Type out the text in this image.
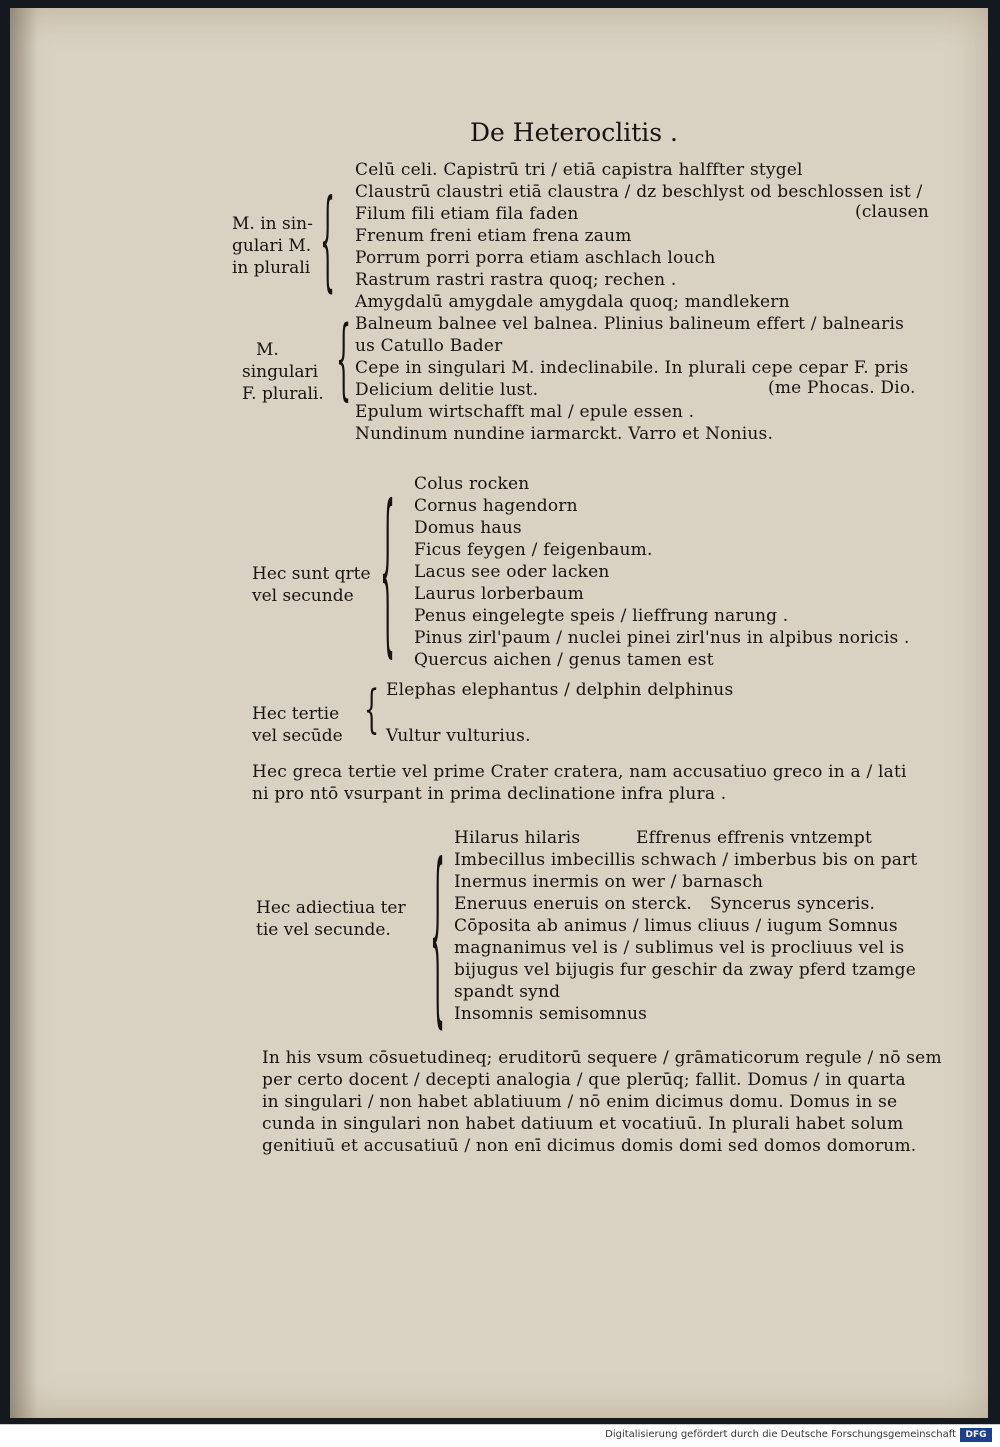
De Heteroclitis .
M. in sin-
gulari M.
in plurali {
Celū celi. Capistrū tri / etiā capistra halffter stygel
Claustrū claustri etiā claustra / dz beschlyst od beschlossen ist /
Filum fili etiam fila faden	(clausen
Frenum freni etiam frena zaum
Porrum porri porra etiam aschlach louch
Rastrum rastri rastra quoq; rechen .
Amygdalū amygdale amygdala quoq; mandlekern
M.
singulari
F. plurali. { Balneum balnee vel balnea. Plinius balineum effert / balnearis
us Catullo Bader
Cepe in singulari M. indeclinabile. In plurali cepe cepar F. pris
Delicium delitie lust.	(me Phocas. Dio.
Epulum wirtschafft mal / epule essen .
Nundinum nundine iarmarckt. Varro et Nonius.
Hec sunt qrte
vel secunde { Colus rocken
Cornus hagendorn
Domus haus
Ficus feygen / feigenbaum.
Lacus see oder lacken
Laurus lorberbaum
Penus eingelegte speis / lieffrung narung .
Pinus zirl'paum / nuclei pinei zirl'nus in alpibus noricis .
Quercus aichen / genus tamen est
Hec tertie
vel secūde { Elephas elephantus / delphin delphinus
Vultur vulturius.
Hec greca tertie vel prime Crater cratera, nam accusatiuo greco in a / lati
ni pro ntō vsurpant in prima declinatione infra plura .
Hec adiectiua ter
tie vel secunde. { Hilarus hilaris	Effrenus effrenis vntzempt
Imbecillus imbecillis schwach / imberbus bis on part
Inermus inermis on wer / barnasch
Eneruus eneruis on sterck. Syncerus synceris.
Cōposita ab animus / limus cliuus / iugum Somnus
magnanimus vel is / sublimus vel is procliuus vel is
bijugus vel bijugis fur geschir da zway pferd tzamge
spandt synd
Insomnis semisomnus
In his vsum cōsuetudineq; eruditorū sequere / grāmaticorum regule / nō sem
per certo docent / decepti analogia / que plerūq; fallit. Domus / in quarta
in singulari / non habet ablatiuum / nō enim dicimus domu. Domus in se
cunda in singulari non habet datiuum et vocatiuū. In plurali habet solum
genitiuū et accusatiuū / non enī dicimus domis domi sed domos domorum.
Digitalisierung gefördert durch die Deutsche Forschungsgemeinschaft	DFG
